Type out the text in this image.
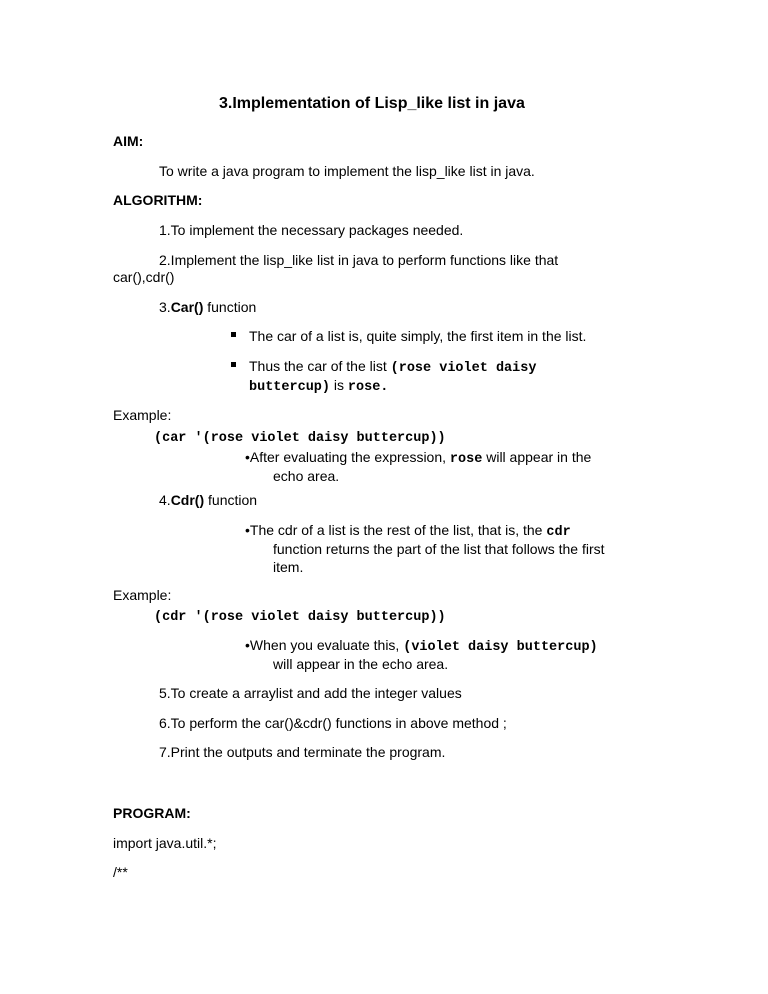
3.Implementation of Lisp_like list in java
AIM:
To write a java program to implement the lisp_like list in java.
ALGORITHM:
1.To implement the necessary packages needed.
2.Implement the lisp_like list in java to perform functions like that
car(),cdr()
3.Car() function
The car of a list is, quite simply, the first item in the list.
Thus the car of the list (rose violet daisy
buttercup) is rose.
Example:
(car '(rose violet daisy buttercup))
•After evaluating the expression, rose will appear in the
echo area.
4.Cdr() function
•The cdr of a list is the rest of the list, that is, the cdr
function returns the part of the list that follows the first
item.
Example:
(cdr '(rose violet daisy buttercup))
•When you evaluate this, (violet daisy buttercup)
will appear in the echo area.
5.To create a arraylist and add the integer values
6.To perform the car()&cdr() functions in above method ;
7.Print the outputs and terminate the program.
PROGRAM:
import java.util.*;
/**
